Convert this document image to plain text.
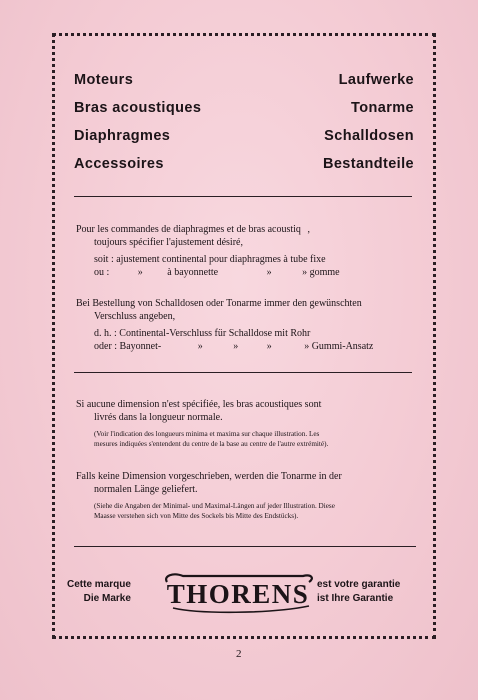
Moteurs	Laufwerke
Bras acoustiques	Tonarme
Diaphragmes	Schalldosen
Accessoires	Bestandteile
Pour les commandes de diaphragmes et de bras acoustiq ,
toujours spécifier l'ajustement désiré,
soit : ajustement continental pour diaphragmes à tube fixe
ou :	» à bayonnette	»	» gomme
Bei Bestellung von Schalldosen oder Tonarme immer den gewünschten
Verschluss angeben,
d. h. : Continental-Verschluss für Schalldose mit Rohr
oder : Bayonnet-	»	»	»	» Gummi-Ansatz
Si aucune dimension n'est spécifiée, les bras acoustiques sont
livrés dans la longueur normale.
(Voir l'indication des longueurs minima et maxima sur chaque illustration. Les
mesures indiquées s'entendent du centre de la base au centre de l'autre extrémité).
Falls keine Dimension vorgeschrieben, werden die Tonarme in der
normalen Länge geliefert.
(Siehe die Angaben der Minimal- und Maximal-Längen auf jeder Illustration. Diese
Maasse verstehen sich von Mitte des Sockels bis Mitte des Endstücks).
Cette marque
Die Marke THORENS est votre garantie
ist Ihre Garantie
2
